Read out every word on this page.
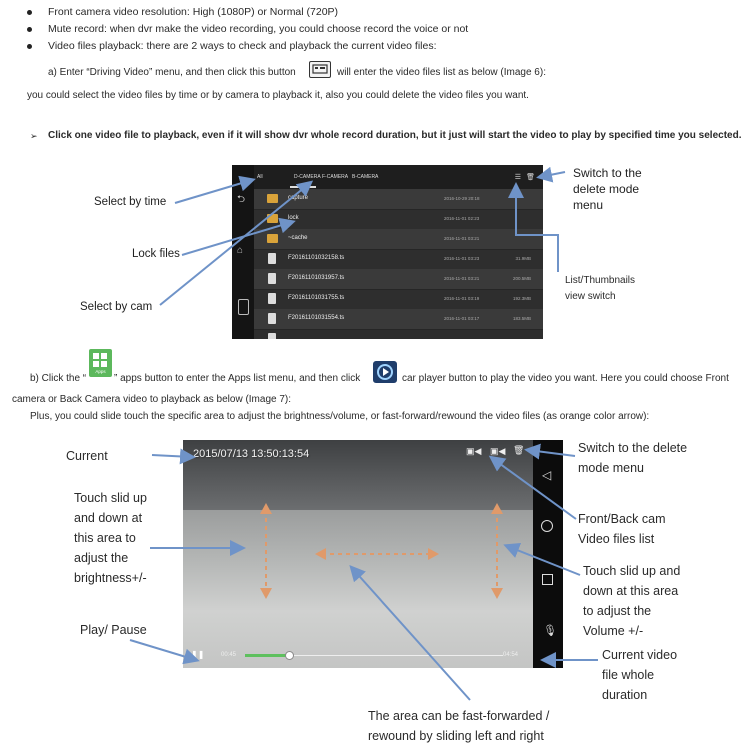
Front camera video resolution: High (1080P) or Normal (720P)
Mute record: when dvr make the video recording, you could choose record the voice or not
Video files playback: there are 2 ways to check and playback the current video files:
a) Enter “Driving Video” menu, and then click this button	will enter the video files list as below (Image 6):
you could select the video files by time or by camera to playback it, also you could delete the video files you want.
➢ Click one video file to playback, even if it will show dvr whole record duration, but it just will start the video to play by specified time you selected.
⮌
⌂
All	D-CAMERA F-CAMERA B-CAMERA	☰ 🗑
capture	2016-10-29 20:18
lock	2016-11-01 02:23
~cache	2016-11-01 03:21
F20161101032158.ts	2016-11-01 03:23	31.9MB
F20161101031957.ts	2016-11-01 03:21	200.5MB
F20161101031755.ts	2016-11-01 03:19	192.3MB
F20161101031554.ts	2016-11-01 03:17	183.5MB
Select by time
Lock files
Select by cam
Switch to the
delete mode
menu
List/Thumbnails
view switch
b) Click the “
Apps
” apps button to enter the Apps list menu, and then click	car player button to play the video you want. Here you could choose Front
camera or Back Camera video to playback as below (Image 7):
Plus, you could slide touch the specific area to adjust the brightness/volume, or fast-forward/rewound the video files (as orange color arrow):
2015/07/13 13:50:13:54	▣◀ ▣◀ 🗑
❚❚	00:45	04:54
◁
🎙
Current
Touch slid up
and down at
this area to
adjust the
brightness+/-
Play/ Pause
The area can be fast-forwarded /
rewound by sliding left and right
Switch to the delete
mode menu
Front/Back cam
Video files list
Touch slid up and
down at this area
to adjust the
Volume +/-
Current video
file whole
duration
